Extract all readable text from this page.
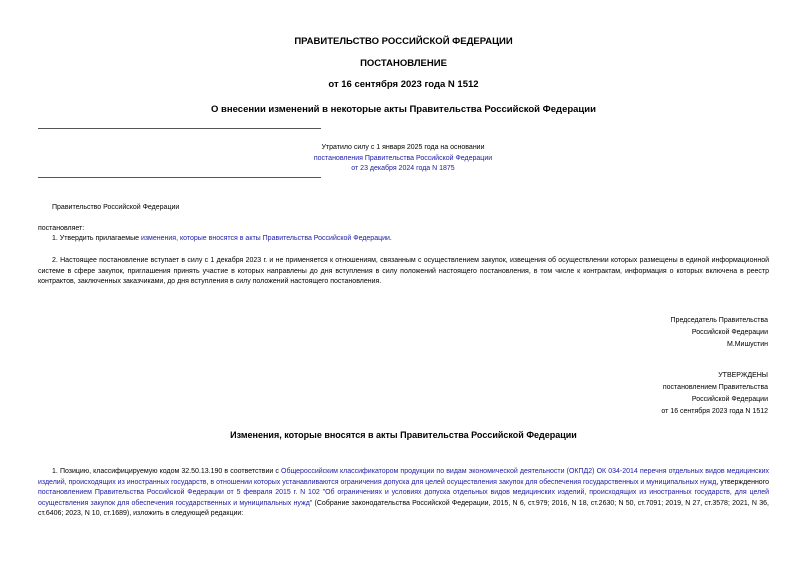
ПРАВИТЕЛЬСТВО РОССИЙСКОЙ ФЕДЕРАЦИИ
ПОСТАНОВЛЕНИЕ
от 16 сентября 2023 года N 1512
О внесении изменений в некоторые акты Правительства Российской Федерации
Утратило силу с 1 января 2025 года на основании
постановления Правительства Российской Федерации
от 23 декабря 2024 года N 1875
Правительство Российской Федерации
постановляет:
1. Утвердить прилагаемые изменения, которые вносятся в акты Правительства Российской Федерации.
2. Настоящее постановление вступает в силу с 1 декабря 2023 г. и не применяется к отношениям, связанным с осуществлением закупок, извещения об осуществлении которых размещены в единой информационной системе в сфере закупок, приглашения принять участие в которых направлены до дня вступления в силу положений настоящего постановления, в том числе к контрактам, информация о которых включена в реестр контрактов, заключенных заказчиками, до дня вступления в силу положений настоящего постановления.
Председатель Правительства
Российской Федерации
М.Мишустин
УТВЕРЖДЕНЫ
постановлением Правительства
Российской Федерации
от 16 сентября 2023 года N 1512
Изменения, которые вносятся в акты Правительства Российской Федерации
1. Позицию, классифицируемую кодом 32.50.13.190 в соответствии с Общероссийским классификатором продукции по видам экономической деятельности (ОКПД2) ОК 034-2014 перечня отдельных видов медицинских изделий, происходящих из иностранных государств, в отношении которых устанавливаются ограничения допуска для целей осуществления закупок для обеспечения государственных и муниципальных нужд, утвержденного постановлением Правительства Российской Федерации от 5 февраля 2015 г. N 102 "Об ограничениях и условиях допуска отдельных видов медицинских изделий, происходящих из иностранных государств, для целей осуществления закупок для обеспечения государственных и муниципальных нужд" (Собрание законодательства Российской Федерации, 2015, N 6, ст.979; 2016, N 18, ст.2630; N 50, ст.7091; 2019, N 27, ст.3578; 2021, N 36, ст.6406; 2023, N 10, ст.1689), изложить в следующей редакции:
